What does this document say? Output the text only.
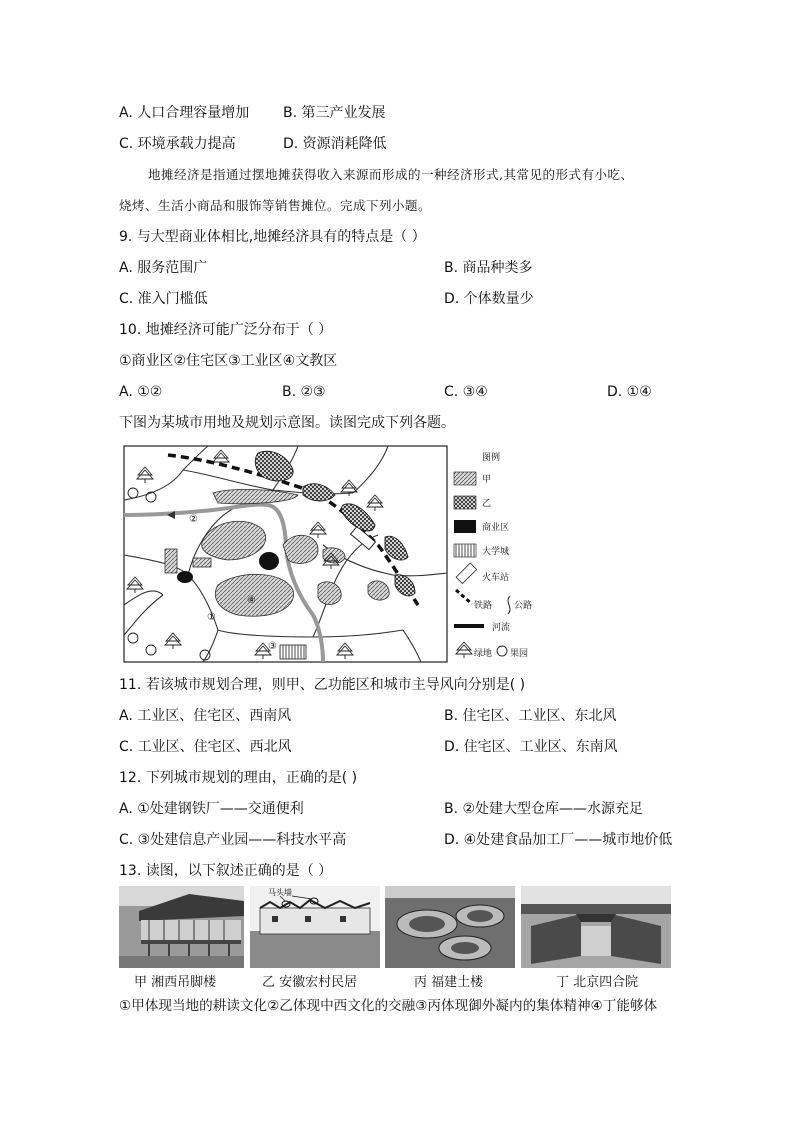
A. 人口合理容量增加 B. 第三产业发展
C. 环境承载力提高	D. 资源消耗降低
地摊经济是指通过摆地摊获得收入来源而形成的一种经济形式,其常见的形式有小吃、
烧烤、生活小商品和服饰等销售摊位。完成下列小题。
9. 与大型商业体相比,地摊经济具有的特点是（ ）
A. 服务范围广	B. 商品种类多
C. 准入门槛低	D. 个体数量少
10. 地摊经济可能广泛分布于（ ）
①商业区②住宅区③工业区④文教区
A. ①②	B. ②③	C. ③④	D. ①④
下图为某城市用地及规划示意图。读图完成下列各题。
②
①
③
④
图例
甲
乙
商业区
大学城
火车站
铁路 公路
河流
绿地 果园
11. 若该城市规划合理，则甲、乙功能区和城市主导风向分别是( )
A. 工业区、住宅区、西南风	B. 住宅区、工业区、东北风
C. 工业区、住宅区、西北风	D. 住宅区、工业区、东南风
12. 下列城市规划的理由，正确的是( )
A. ①处建钢铁厂——交通便利	B. ②处建大型仓库——水源充足
C. ③处建信息产业园——科技水平高	D. ④处建食品加工厂——城市地价低
13. 读图，以下叙述正确的是（ ）
马头墙
甲 湘西吊脚楼	乙 安徽宏村民居	丙 福建土楼	丁 北京四合院
①甲体现当地的耕读文化②乙体现中西文化的交融③丙体现御外凝内的集体精神④丁能够体
